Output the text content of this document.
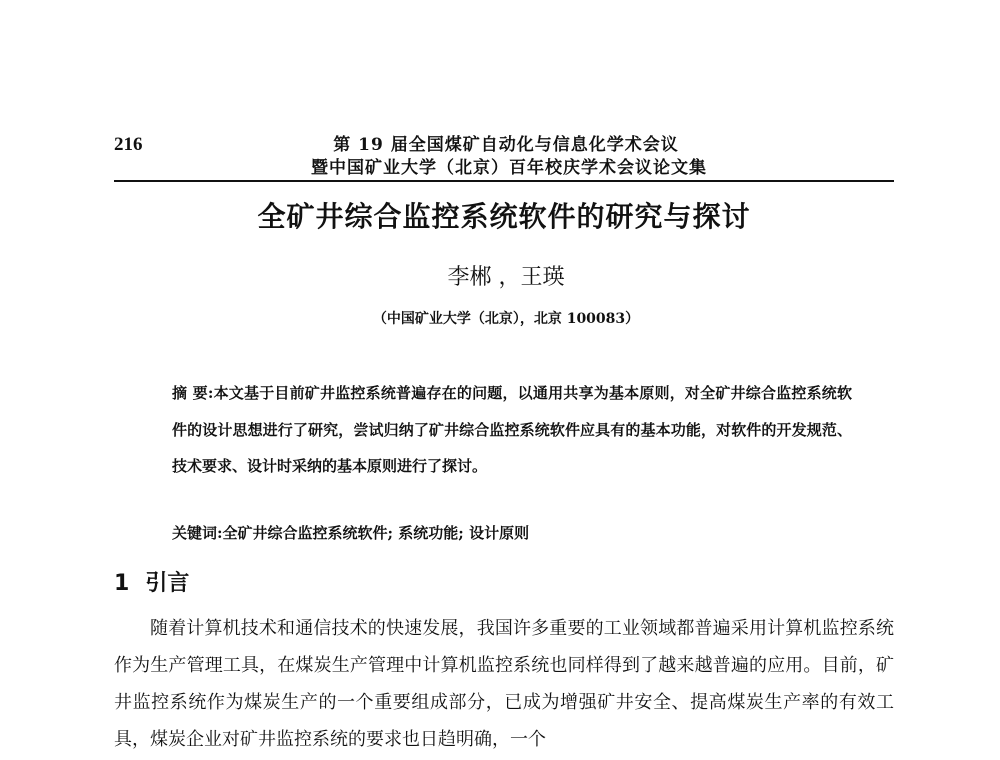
216	第 19 届全国煤矿自动化与信息化学术会议
暨中国矿业大学（北京）百年校庆学术会议论文集
全矿井综合监控系统软件的研究与探讨
李郴 ，王瑛
（中国矿业大学（北京），北京 100083）
摘 要:本文基于目前矿井监控系统普遍存在的问题，以通用共享为基本原则，对全矿井综合监控系统软件的设计思想进行了研究，尝试归纳了矿井综合监控系统软件应具有的基本功能，对软件的开发规范、技术要求、设计时采纳的基本原则进行了探讨。
关键词:全矿井综合监控系统软件; 系统功能; 设计原则
1 引言
随着计算机技术和通信技术的快速发展，我国许多重要的工业领域都普遍采用计算机监控系统作为生产管理工具，在煤炭生产管理中计算机监控系统也同样得到了越来越普遍的应用。目前，矿井监控系统作为煤炭生产的一个重要组成部分，已成为增强矿井安全、提高煤炭生产率的有效工具，煤炭企业对矿井监控系统的要求也日趋明确，一个
